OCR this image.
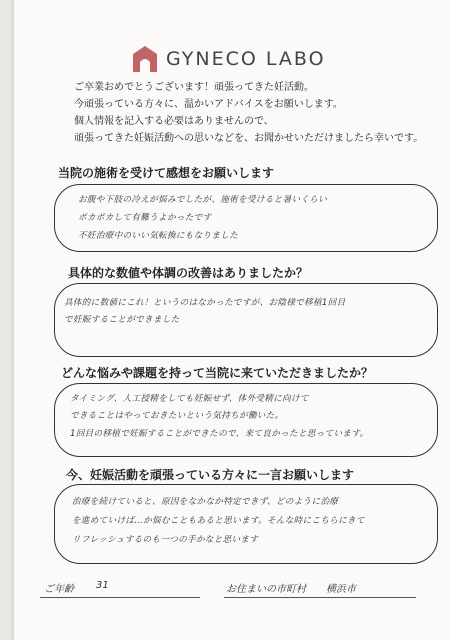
GYNECO LABO
ご卒業おめでとうございます！頑張ってきた妊活動。
今頑張っている方々に、温かいアドバイスをお願いします。
個人情報を記入する必要はありませんので、
頑張ってきた妊娠活動への思いなどを、お聞かせいただけましたら幸いです。
当院の施術を受けて感想をお願いします
お腹や下肢の冷えが悩みでしたが、施術を受けると暑いくらい
ポカポカして有難うよかったです
不妊治療中のいい気転換にもなりました
具体的な数値や体調の改善はありましたか？
具体的に数値にこれ！というのはなかったですが、お陰様で移植1回目
で妊娠することができました
どんな悩みや課題を持って当院に来ていただきましたか？
タイミング、人工授精をしても妊娠せず、体外受精に向けて
できることはやっておきたいという気持ちが働いた。
1回目の移植で妊娠することができたので、来て良かったと思っています。
今、妊娠活動を頑張っている方々に一言お願いします
治療を続けていると、原因をなかなか特定できず、どのように治療
を進めていけば…か悩むこともあると思います。そんな時にこちらにきて
リフレッシュするのも一つの手かなと思います
ご年齢 31	お住まいの市町村 横浜市
